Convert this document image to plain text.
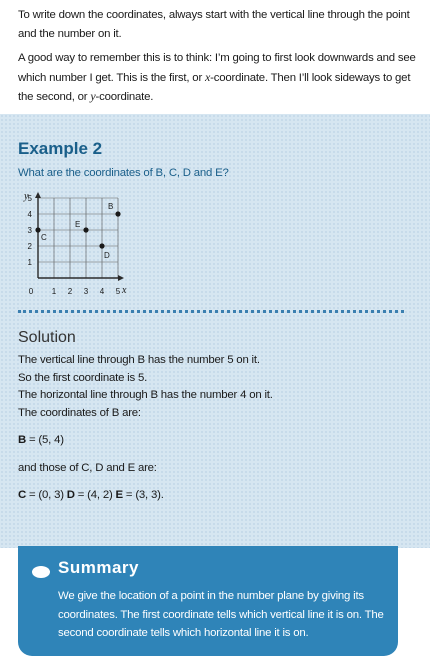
To write down the coordinates, always start with the vertical line through the point and the number on it.

A good way to remember this is to think: I’m going to first look downwards and see which number I get. This is the first, or x-coordinate. Then I’ll look sideways to get the second, or y-coordinate.

Example 2
What are the coordinates of B, C, D and E?
y
x
0 1 2 3 4 5
1
2
3
4
5
B
C
D
E
Solution
The vertical line through B has the number 5 on it.
So the first coordinate is 5.
The horizontal line through B has the number 4 on it.
The coordinates of B are:
B = (5, 4)
and those of C, D and E are:
C = (0, 3) D = (4, 2) E = (3, 3).
Summary
We give the location of a point in the number plane by giving its coordinates. The first coordinate tells which vertical line it is on. The second coordinate tells which horizontal line it is on.
